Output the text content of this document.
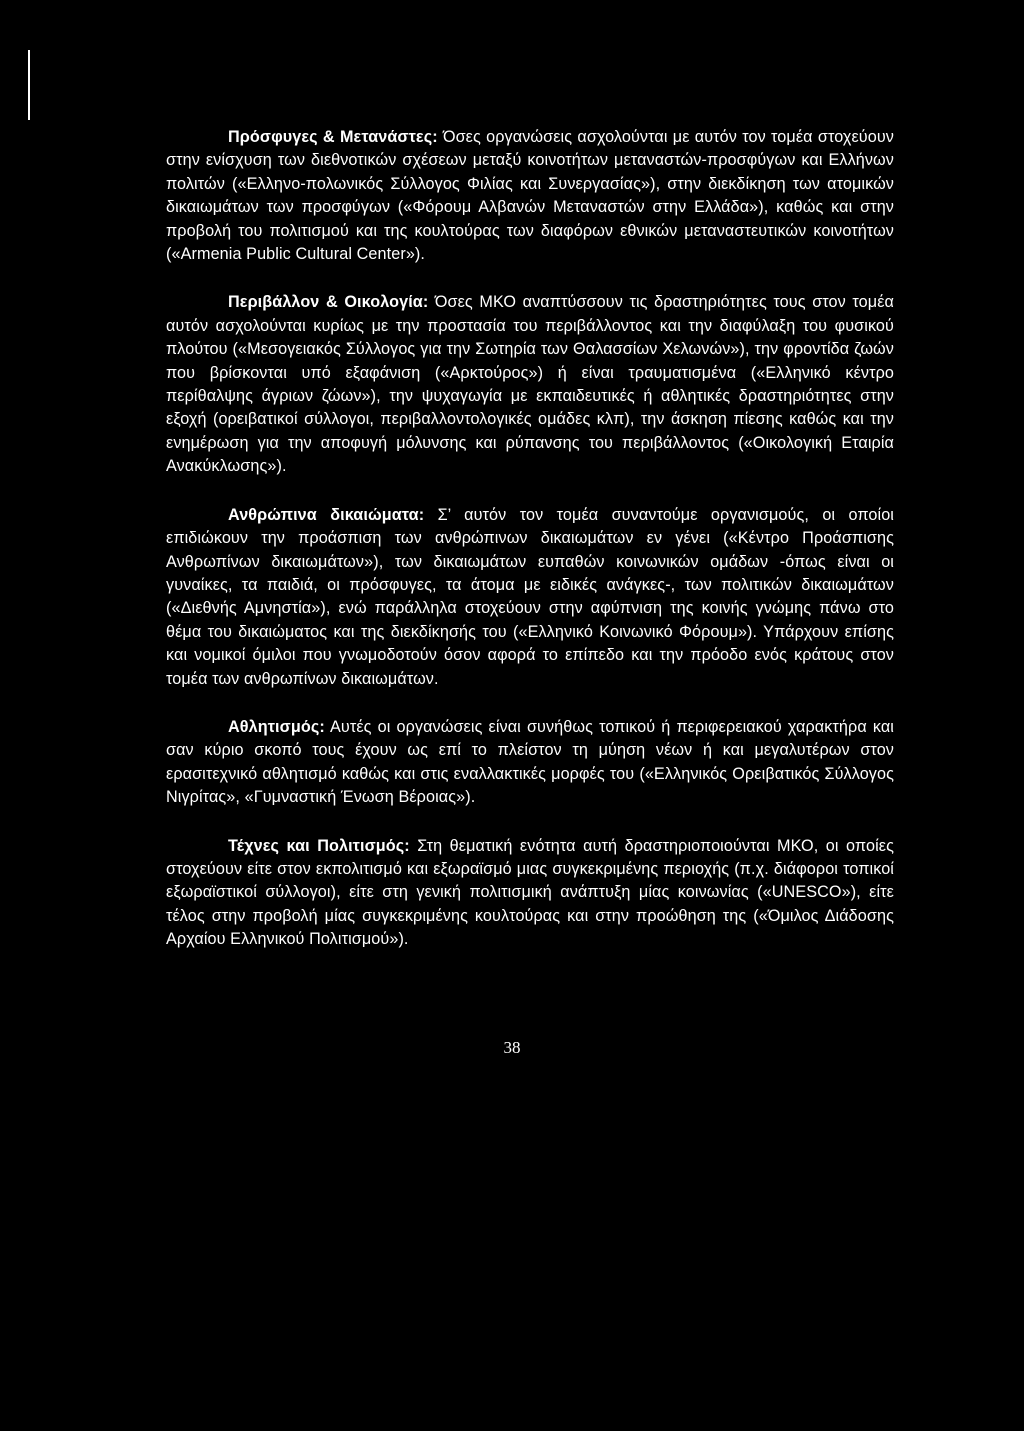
Πρόσφυγες & Μετανάστες: Όσες οργανώσεις ασχολούνται με αυτόν τον τομέα στοχεύουν στην ενίσχυση των διεθνοτικών σχέσεων μεταξύ κοινοτήτων μεταναστών-προσφύγων και Ελλήνων πολιτών («Ελληνο-πολωνικός Σύλλογος Φιλίας και Συνεργασίας»), στην διεκδίκηση των ατομικών δικαιωμάτων των προσφύγων («Φόρουμ Αλβανών Μεταναστών στην Ελλάδα»), καθώς και στην προβολή του πολιτισμού και της κουλτούρας των διαφόρων εθνικών μεταναστευτικών κοινοτήτων («Armenia Public Cultural Center»).

Περιβάλλον & Οικολογία: Όσες ΜΚΟ αναπτύσσουν τις δραστηριότητες τους στον τομέα αυτόν ασχολούνται κυρίως με την προστασία του περιβάλλοντος και την διαφύλαξη του φυσικού πλούτου («Μεσογειακός Σύλλογος για την Σωτηρία των Θαλασσίων Χελωνών»), την φροντίδα ζωών που βρίσκονται υπό εξαφάνιση («Αρκτούρος») ή είναι τραυματισμένα («Ελληνικό κέντρο περίθαλψης άγριων ζώων»), την ψυχαγωγία με εκπαιδευτικές ή αθλητικές δραστηριότητες στην εξοχή (ορειβατικοί σύλλογοι, περιβαλλοντολογικές ομάδες κλπ), την άσκηση πίεσης καθώς και την ενημέρωση για την αποφυγή μόλυνσης και ρύπανσης του περιβάλλοντος («Οικολογική Εταιρία Ανακύκλωσης»).

Ανθρώπινα δικαιώματα: Σ’ αυτόν τον τομέα συναντούμε οργανισμούς, οι οποίοι επιδιώκουν την προάσπιση των ανθρώπινων δικαιωμάτων εν γένει («Κέντρο Προάσπισης Ανθρωπίνων δικαιωμάτων»), των δικαιωμάτων ευπαθών κοινωνικών ομάδων -όπως είναι οι γυναίκες, τα παιδιά, οι πρόσφυγες, τα άτομα με ειδικές ανάγκες-, των πολιτικών δικαιωμάτων («Διεθνής Αμνηστία»), ενώ παράλληλα στοχεύουν στην αφύπνιση της κοινής γνώμης πάνω στο θέμα του δικαιώματος και της διεκδίκησής του («Ελληνικό Κοινωνικό Φόρουμ»). Υπάρχουν επίσης και νομικοί όμιλοι που γνωμοδοτούν όσον αφορά το επίπεδο και την πρόοδο ενός κράτους στον τομέα των ανθρωπίνων δικαιωμάτων.

Αθλητισμός: Αυτές οι οργανώσεις είναι συνήθως τοπικού ή περιφερειακού χαρακτήρα και σαν κύριο σκοπό τους έχουν ως επί το πλείστον τη μύηση νέων ή και μεγαλυτέρων στον ερασιτεχνικό αθλητισμό καθώς και στις εναλλακτικές μορφές του («Ελληνικός Ορειβατικός Σύλλογος Νιγρίτας», «Γυμναστική Ένωση Βέροιας»).

Τέχνες και Πολιτισμός: Στη θεματική ενότητα αυτή δραστηριοποιούνται ΜΚΟ, οι οποίες στοχεύουν είτε στον εκπολιτισμό και εξωραϊσμό μιας συγκεκριμένης περιοχής (π.χ. διάφοροι τοπικοί εξωραϊστικοί σύλλογοι), είτε στη γενική πολιτισμική ανάπτυξη μίας κοινωνίας («UNESCO»), είτε τέλος στην προβολή μίας συγκεκριμένης κουλτούρας και στην προώθηση της («Όμιλος Διάδοσης Αρχαίου Ελληνικού Πολιτισμού»).

38
